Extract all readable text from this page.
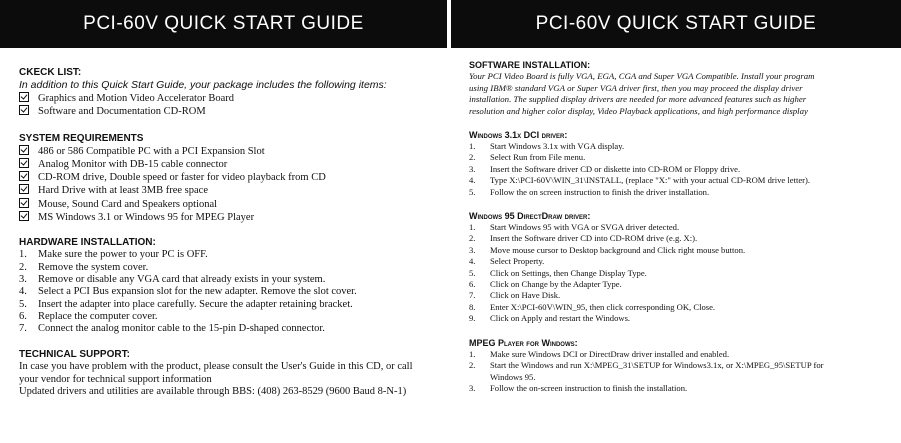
PCI-60V QUICK START GUIDE
CKECK LIST:
In addition to this Quick Start Guide, your package includes the following items:
Graphics and Motion Video Accelerator Board
Software and Documentation CD-ROM
SYSTEM REQUIREMENTS
486 or 586 Compatible PC with a PCI Expansion Slot
Analog Monitor with DB-15 cable connector
CD-ROM drive, Double speed or faster for video playback from CD
Hard Drive with at least 3MB free space
Mouse, Sound Card and Speakers optional
MS Windows 3.1 or Windows 95 for MPEG Player
HARDWARE INSTALLATION:
1. Make sure the power to your PC is OFF.
2. Remove the system cover.
3. Remove or disable any VGA card that already exists in your system.
4. Select a PCI Bus expansion slot for the new adapter. Remove the slot cover.
5. Insert the adapter into place carefully. Secure the adapter retaining bracket.
6. Replace the computer cover.
7. Connect the analog monitor cable to the 15-pin D-shaped connector.
TECHNICAL SUPPORT:
In case you have problem with the product, please consult the User's Guide in this CD, or call
your vendor for technical support information
Updated drivers and utilities are available through BBS: (408) 263-8529 (9600 Baud 8-N-1)
PCI-60V QUICK START GUIDE
SOFTWARE INSTALLATION:
Your PCI Video Board is fully VGA, EGA, CGA and Super VGA Compatible. Install your program
using IBM® standard VGA or Super VGA driver first, then you may proceed the display driver
installation. The supplied display drivers are needed for more advanced features such as higher
resolution and higher color display, Video Playback applications, and high performance display
Windows 3.1x DCI driver:
1. Start Windows 3.1x with VGA display.
2. Select Run from File menu.
3. Insert the Software driver CD or diskette into CD-ROM or Floppy drive.
4. Type X:\PCI-60V\WIN_31\INSTALL, (replace "X:" with your actual CD-ROM drive letter).
5. Follow the on screen instruction to finish the driver installation.
Windows 95 DirectDraw driver:
1. Start Windows 95 with VGA or SVGA driver detected.
2. Insert the Software driver CD into CD-ROM drive (e.g. X:).
3. Move mouse cursor to Desktop background and Click right mouse button.
4. Select Property.
5. Click on Settings, then Change Display Type.
6. Click on Change by the Adapter Type.
7. Click on Have Disk.
8. Enter X:\PCI-60V\WIN_95, then click corresponding OK, Close.
9. Click on Apply and restart the Windows.
MPEG Player for Windows:
1. Make sure Windows DCI or DirectDraw driver installed and enabled.
2. Start the Windows and run X:\MPEG_31\SETUP for Windows3.1x, or X:\MPEG_95\SETUP for
Windows 95.
3. Follow the on-screen instruction to finish the installation.
